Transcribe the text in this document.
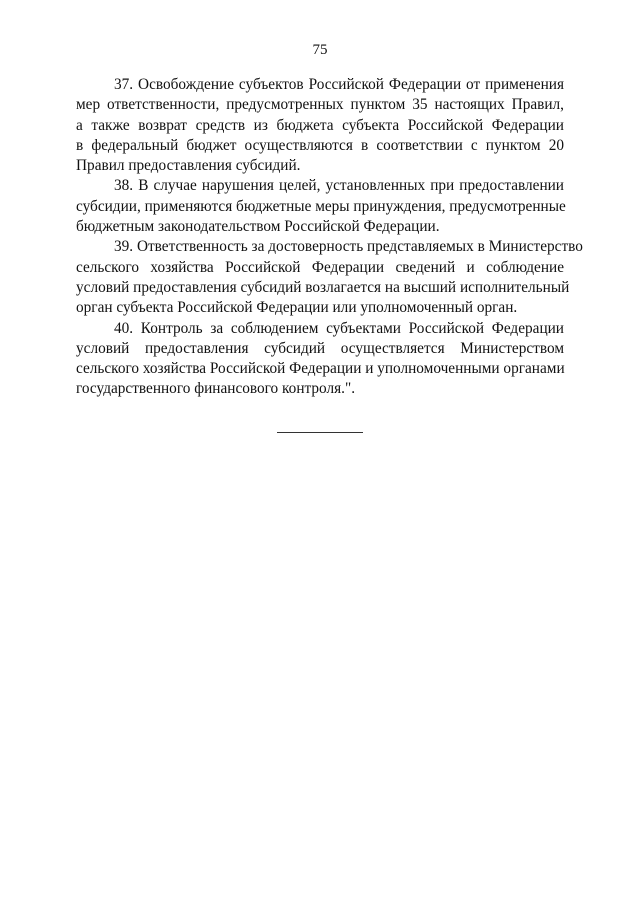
75
37. Освобождение субъектов Российской Федерации от применения
мер ответственности, предусмотренных пунктом 35 настоящих Правил,
а также возврат средств из бюджета субъекта Российской Федерации
в федеральный бюджет осуществляются в соответствии с пунктом 20
Правил предоставления субсидий.
38. В случае нарушения целей, установленных при предоставлении
субсидии, применяются бюджетные меры принуждения, предусмотренные
бюджетным законодательством Российской Федерации.
39. Ответственность за достоверность представляемых в Министерство
сельского хозяйства Российской Федерации сведений и соблюдение
условий предоставления субсидий возлагается на высший исполнительный
орган субъекта Российской Федерации или уполномоченный орган.
40. Контроль за соблюдением субъектами Российской Федерации
условий предоставления субсидий осуществляется Министерством
сельского хозяйства Российской Федерации и уполномоченными органами
государственного финансового контроля.".
